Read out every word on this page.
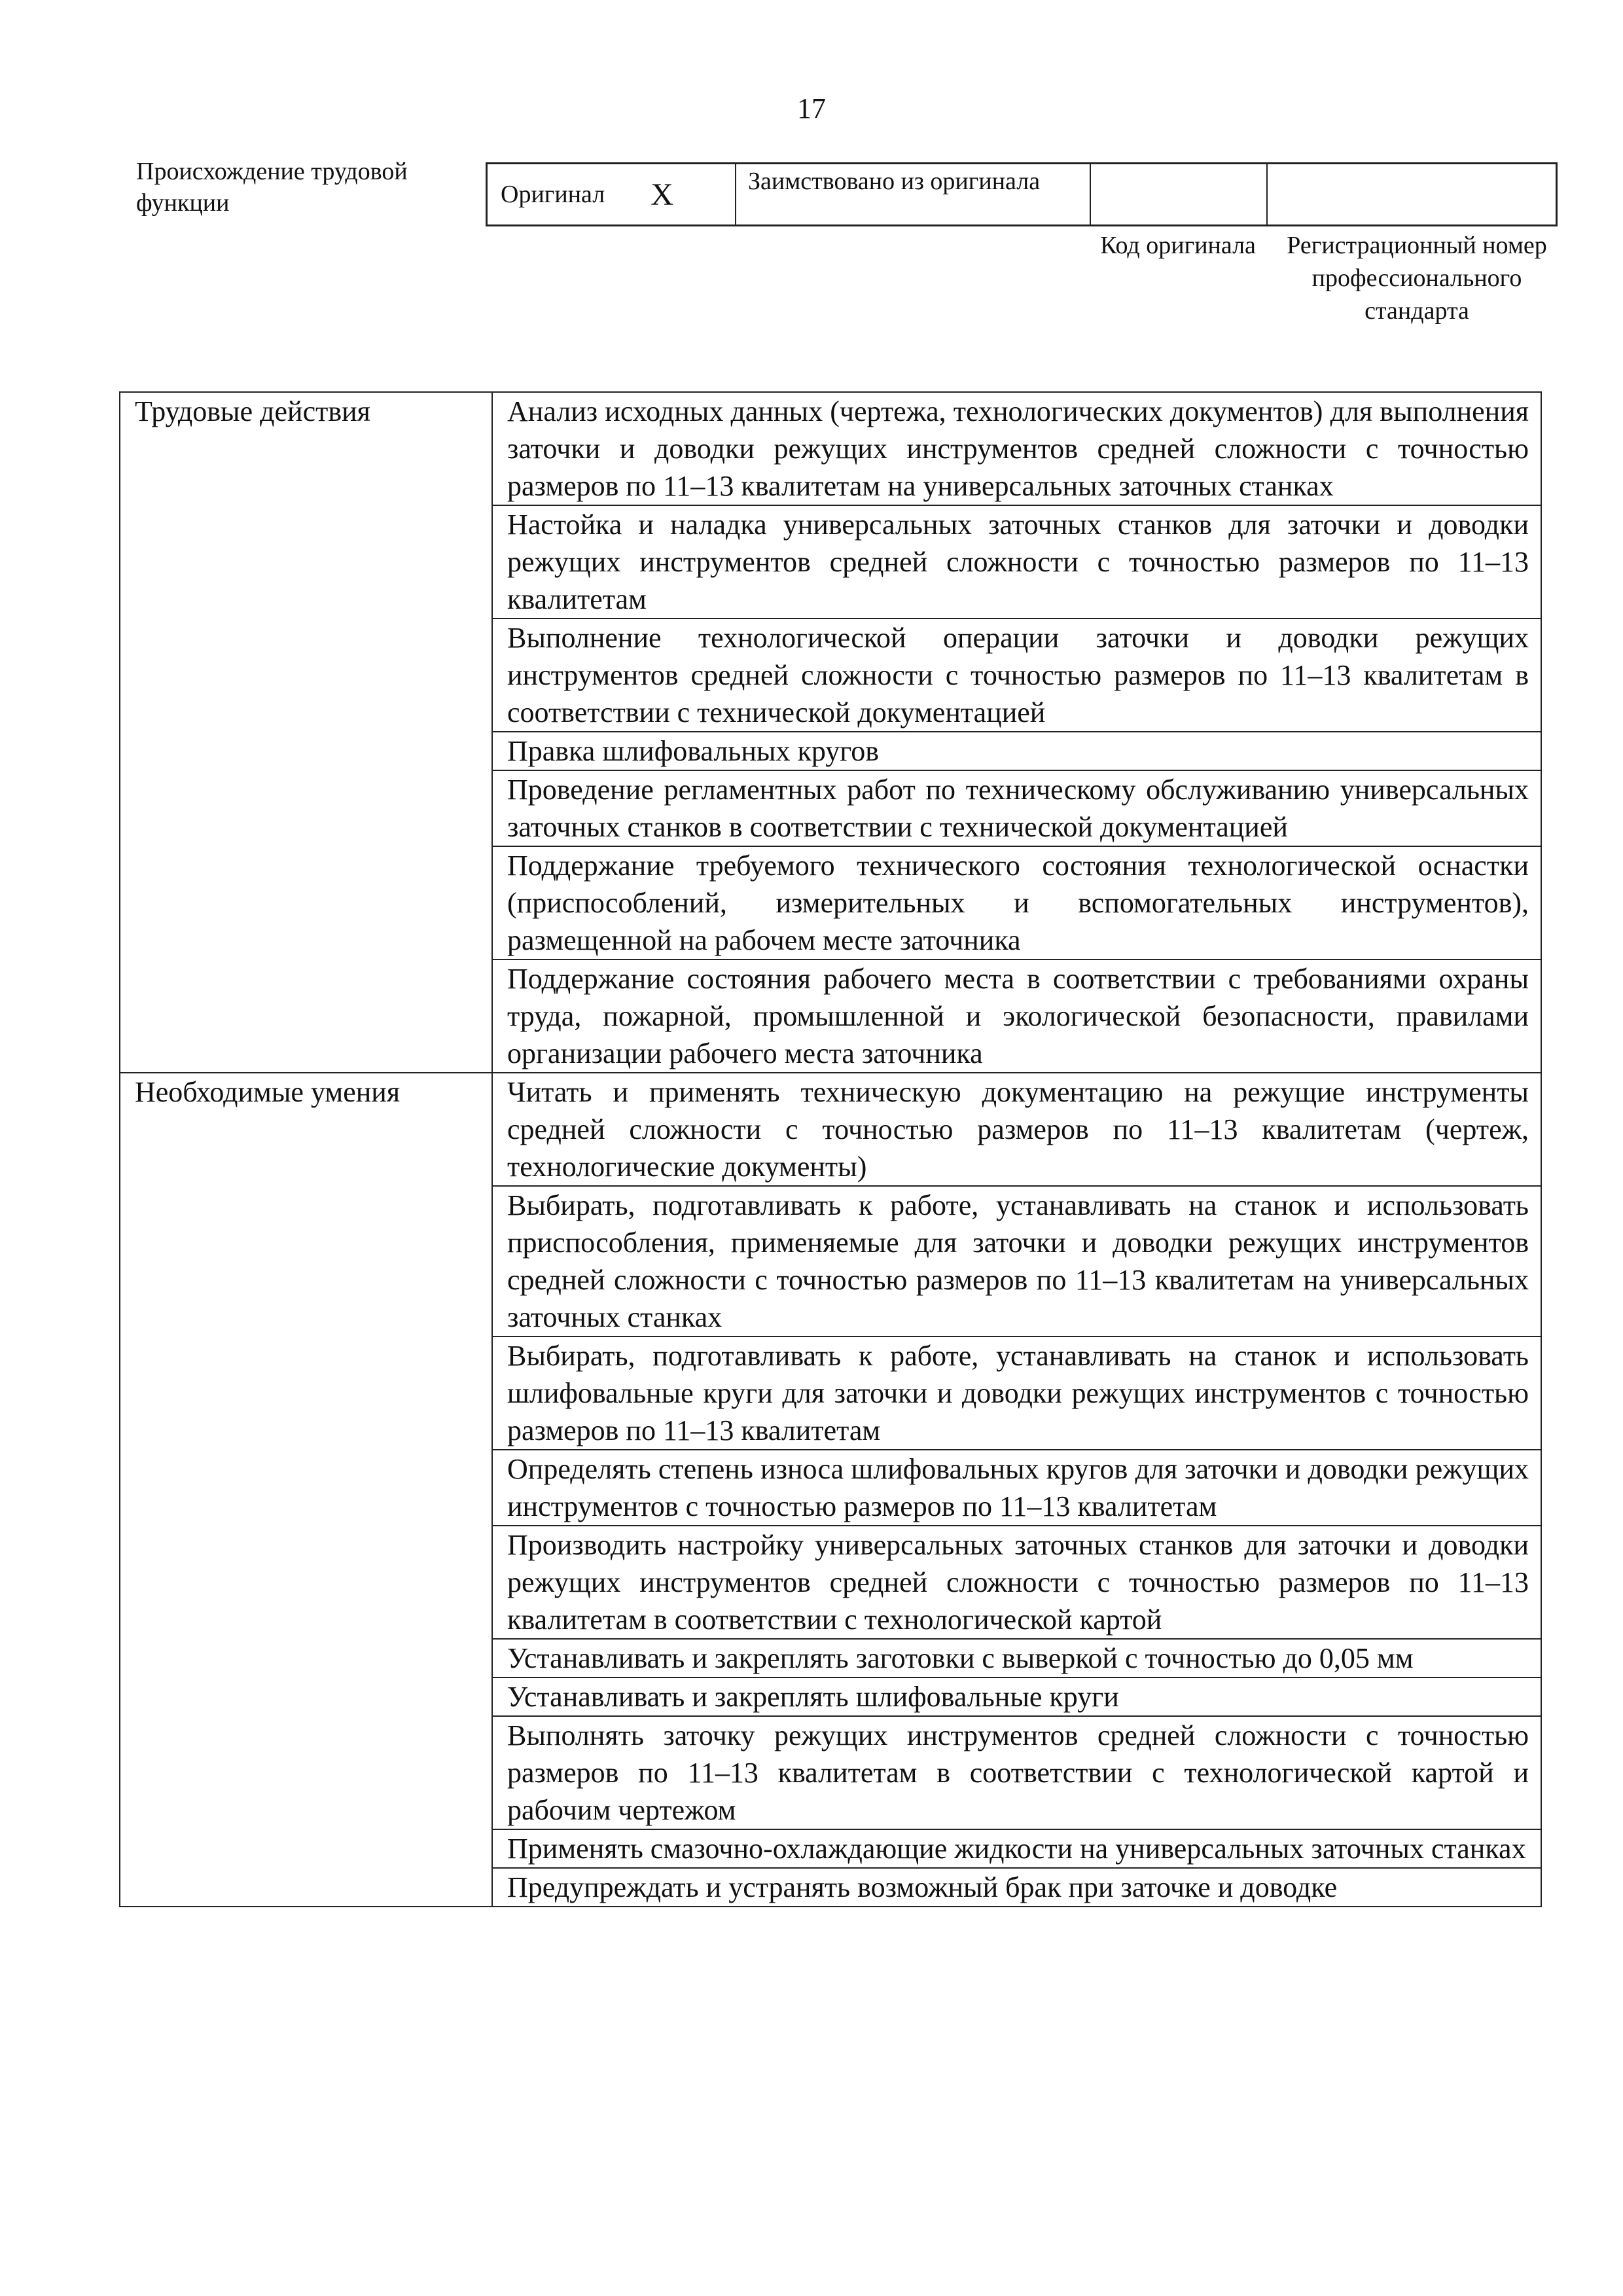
17
Происхождение трудовой функции	Оригинал X	Заимствовано из оригинала
Код оригинала	Регистрационный номер профессионального стандарта
Трудовые действия	Анализ исходных данных (чертежа, технологических документов) для выполнения заточки и доводки режущих инструментов средней сложности с точностью размеров по 11–13 квалитетам на универсальных заточных станках
	Настойка и наладка универсальных заточных станков для заточки и доводки режущих инструментов средней сложности с точностью размеров по 11–13 квалитетам
	Выполнение технологической операции заточки и доводки режущих инструментов средней сложности с точностью размеров по 11–13 квалитетам в соответствии с технической документацией
	Правка шлифовальных кругов
	Проведение регламентных работ по техническому обслуживанию универсальных заточных станков в соответствии с технической документацией
	Поддержание требуемого технического состояния технологической оснастки (приспособлений, измерительных и вспомогательных инструментов), размещенной на рабочем месте заточника
	Поддержание состояния рабочего места в соответствии с требованиями охраны труда, пожарной, промышленной и экологической безопасности, правилами организации рабочего места заточника
Необходимые умения	Читать и применять техническую документацию на режущие инструменты средней сложности с точностью размеров по 11–13 квалитетам (чертеж, технологические документы)
	Выбирать, подготавливать к работе, устанавливать на станок и использовать приспособления, применяемые для заточки и доводки режущих инструментов средней сложности с точностью размеров по 11–13 квалитетам на универсальных заточных станках
	Выбирать, подготавливать к работе, устанавливать на станок и использовать шлифовальные круги для заточки и доводки режущих инструментов с точностью размеров по 11–13 квалитетам
	Определять степень износа шлифовальных кругов для заточки и доводки режущих инструментов с точностью размеров по 11–13 квалитетам
	Производить настройку универсальных заточных станков для заточки и доводки режущих инструментов средней сложности с точностью размеров по 11–13 квалитетам в соответствии с технологической картой
	Устанавливать и закреплять заготовки с выверкой с точностью до 0,05 мм
	Устанавливать и закреплять шлифовальные круги
	Выполнять заточку режущих инструментов средней сложности с точностью размеров по 11–13 квалитетам в соответствии с технологической картой и рабочим чертежом
	Применять смазочно-охлаждающие жидкости на универсальных заточных станках
	Предупреждать и устранять возможный брак при заточке и доводке
